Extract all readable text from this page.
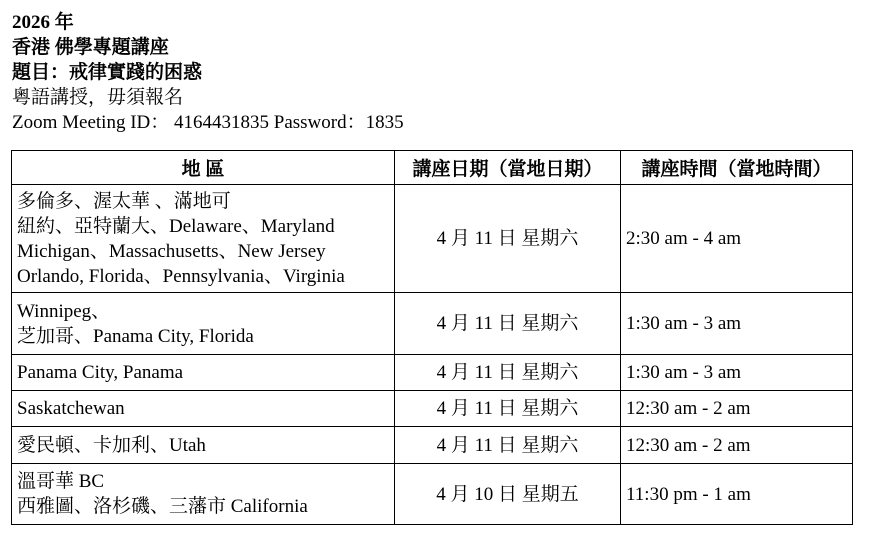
2026 年
香港 佛學專題講座
題目：戒律實踐的困惑
粵語講授，毋須報名
Zoom Meeting ID： 4164431835 Password：1835
地 區	講座日期（當地日期）	講座時間（當地時間）

多倫多、渥太華 、滿地可
紐約、亞特蘭大、Delaware、Maryland
Michigan、Massachusetts、New Jersey
Orlando, Florida、Pennsylvania、Virginia	4 月 11 日 星期六	2:30 am - 4 am

Winnipeg、
芝加哥、Panama City, Florida	4 月 11 日 星期六	1:30 am - 3 am

Panama City, Panama	4 月 11 日 星期六	1:30 am - 3 am

Saskatchewan	4 月 11 日 星期六	12:30 am - 2 am

愛民頓、卡加利、Utah	4 月 11 日 星期六	12:30 am - 2 am

溫哥華 BC
西雅圖、洛杉磯、三藩市 California	4 月 10 日 星期五	11:30 pm - 1 am
